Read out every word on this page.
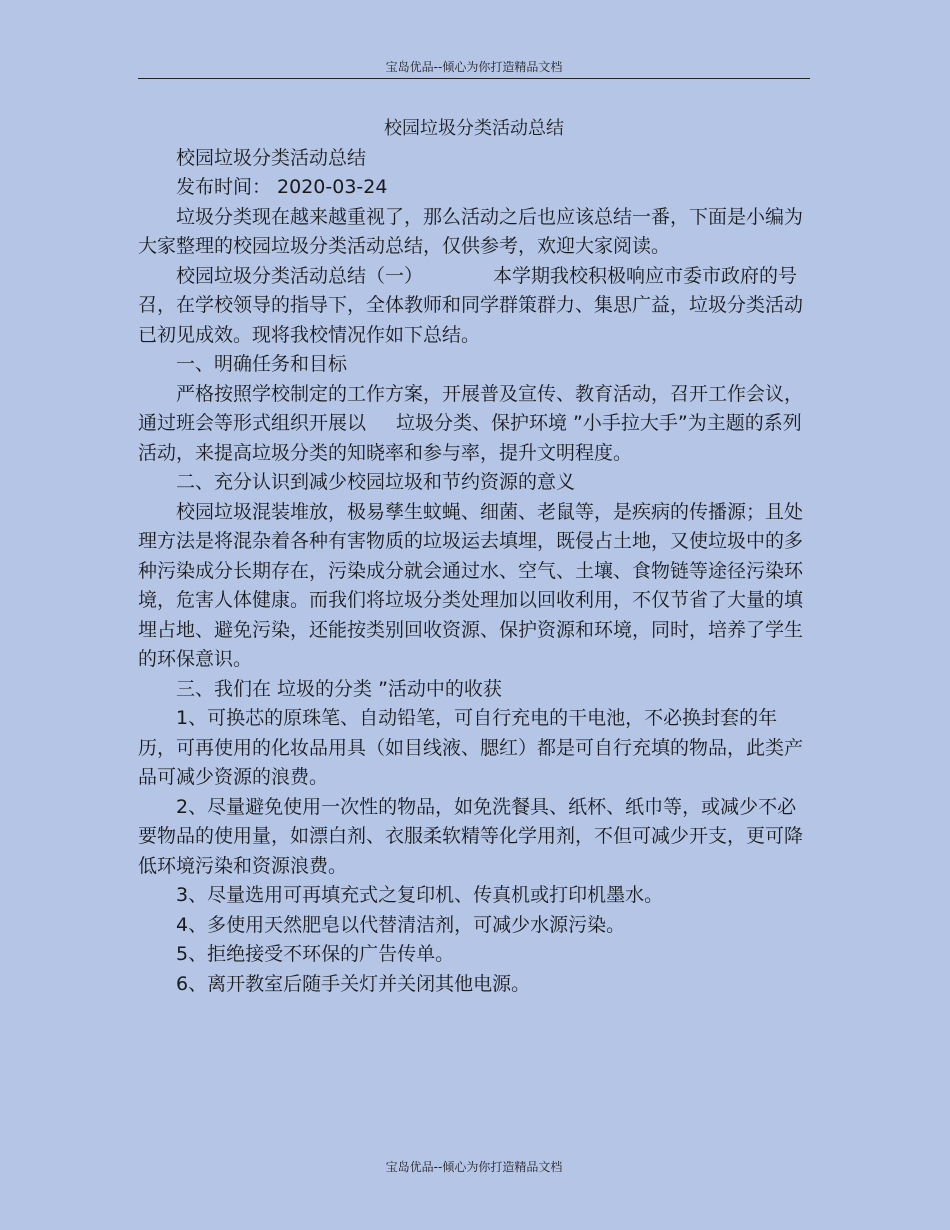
宝岛优品--倾心为你打造精品文档

校园垃圾分类活动总结

校园垃圾分类活动总结

发布时间： 2020-03-24

垃圾分类现在越来越重视了，那么活动之后也应该总结一番，下面是小编为大家整理的校园垃圾分类活动总结，仅供参考，欢迎大家阅读。

校园垃圾分类活动总结（一）	本学期我校积极响应市委市政府的号召，在学校领导的指导下，全体教师和同学群策群力、集思广益，垃圾分类活动已初见成效。现将我校情况作如下总结。

一、明确任务和目标

严格按照学校制定的工作方案，开展普及宣传、教育活动，召开工作会议，通过班会等形式组织开展以 垃圾分类、保护环境 ”小手拉大手”为主题的系列活动，来提高垃圾分类的知晓率和参与率，提升文明程度。

二、充分认识到减少校园垃圾和节约资源的意义

校园垃圾混装堆放，极易孳生蚊蝇、细菌、老鼠等，是疾病的传播源；且处理方法是将混杂着各种有害物质的垃圾运去填埋，既侵占土地，又使垃圾中的多种污染成分长期存在，污染成分就会通过水、空气、土壤、食物链等途径污染环境，危害人体健康。而我们将垃圾分类处理加以回收利用，不仅节省了大量的填埋占地、避免污染，还能按类别回收资源、保护资源和环境，同时，培养了学生的环保意识。

三、我们在 垃圾的分类 ”活动中的收获

1、可换芯的原珠笔、自动铅笔，可自行充电的干电池，不必换封套的年历，可再使用的化妆品用具（如目线液、腮红）都是可自行充填的物品，此类产品可减少资源的浪费。

2、尽量避免使用一次性的物品，如免洗餐具、纸杯、纸巾等，或减少不必要物品的使用量，如漂白剂、衣服柔软精等化学用剂，不但可减少开支，更可降低环境污染和资源浪费。

3、尽量选用可再填充式之复印机、传真机或打印机墨水。

4、多使用天然肥皂以代替清洁剂，可减少水源污染。

5、拒绝接受不环保的广告传单。

6、离开教室后随手关灯并关闭其他电源。

宝岛优品--倾心为你打造精品文档
